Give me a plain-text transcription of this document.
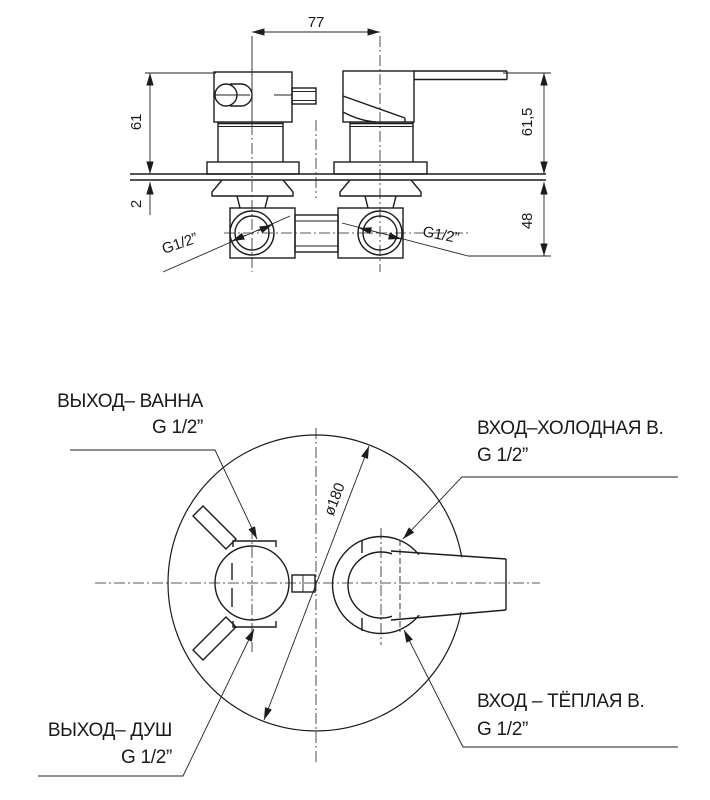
77
61
2
61,5
48
G1/2”	G1/2”
ø180
ВЫХОД– ВАННА
G 1/2”	ВХОД–ХОЛОДНАЯ В.
G 1/2”
ВЫХОД– ДУШ
G 1/2”
ВХОД – ТЁПЛАЯ В.
G 1/2”
